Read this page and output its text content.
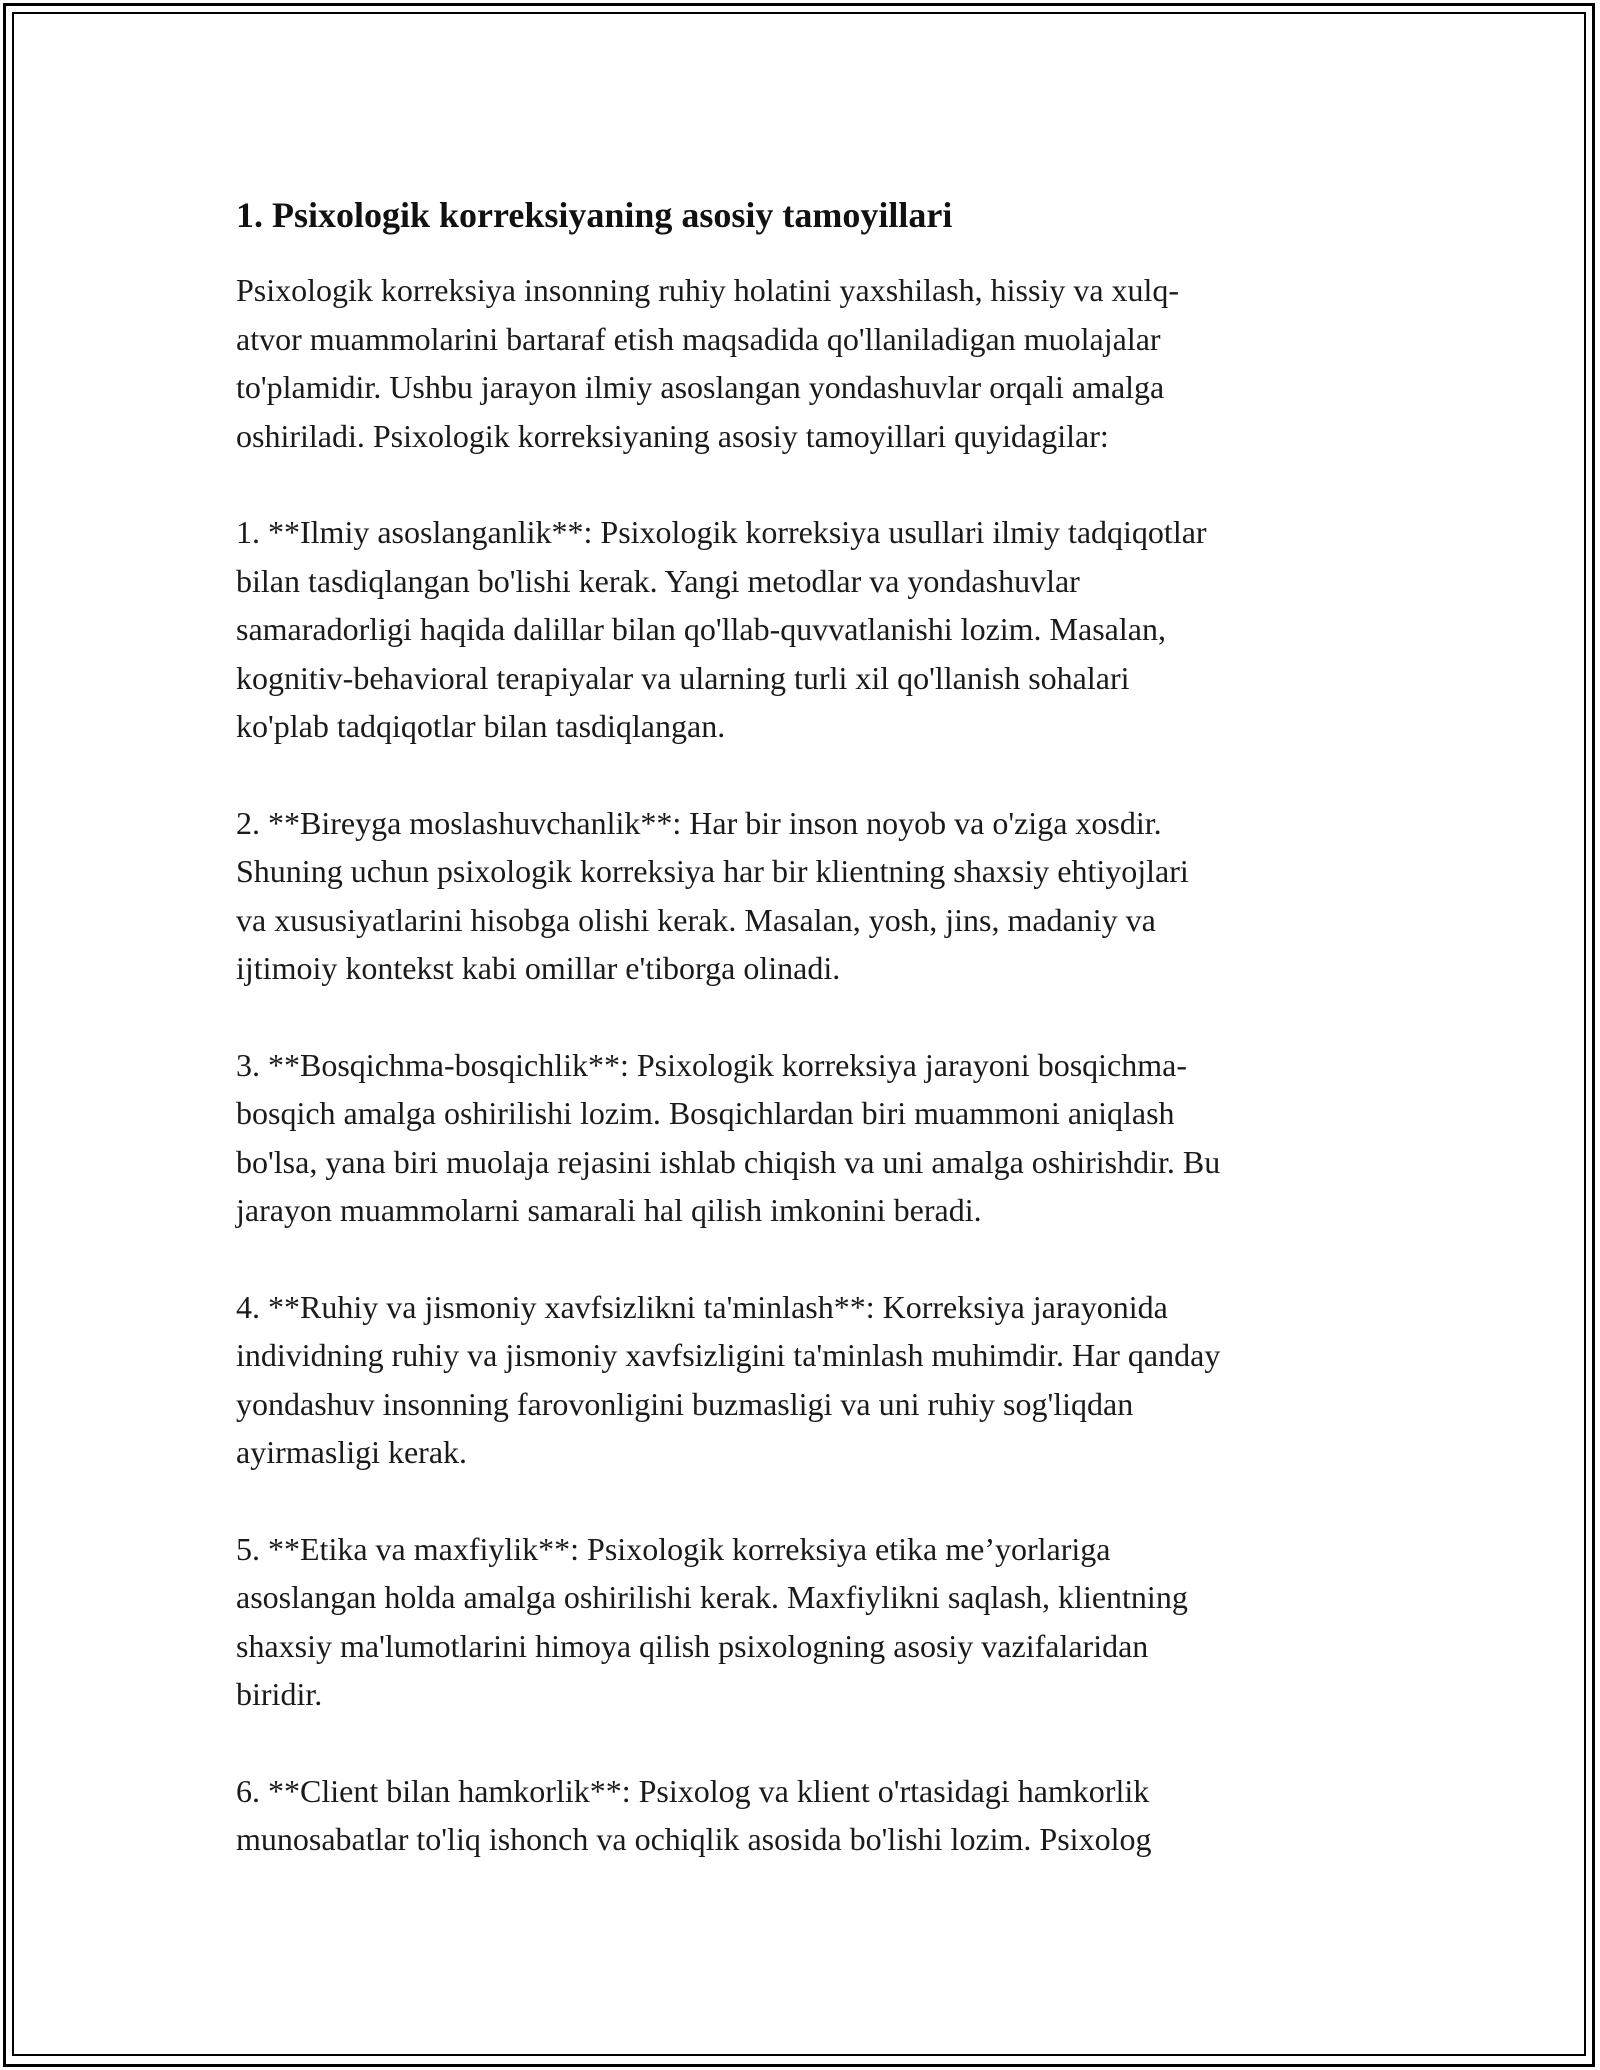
1. Psixologik korreksiyaning asosiy tamoyillari

Psixologik korreksiya insonning ruhiy holatini yaxshilash, hissiy va xulq-
atvor muammolarini bartaraf etish maqsadida qo'llaniladigan muolajalar
to'plamidir. Ushbu jarayon ilmiy asoslangan yondashuvlar orqali amalga
oshiriladi. Psixologik korreksiyaning asosiy tamoyillari quyidagilar:

1. **Ilmiy asoslanganlik**: Psixologik korreksiya usullari ilmiy tadqiqotlar
bilan tasdiqlangan bo'lishi kerak. Yangi metodlar va yondashuvlar
samaradorligi haqida dalillar bilan qo'llab-quvvatlanishi lozim. Masalan,
kognitiv-behavioral terapiyalar va ularning turli xil qo'llanish sohalari
ko'plab tadqiqotlar bilan tasdiqlangan.

2. **Bireyga moslashuvchanlik**: Har bir inson noyob va o'ziga xosdir.
Shuning uchun psixologik korreksiya har bir klientning shaxsiy ehtiyojlari
va xususiyatlarini hisobga olishi kerak. Masalan, yosh, jins, madaniy va
ijtimoiy kontekst kabi omillar e'tiborga olinadi.

3. **Bosqichma-bosqichlik**: Psixologik korreksiya jarayoni bosqichma-
bosqich amalga oshirilishi lozim. Bosqichlardan biri muammoni aniqlash
bo'lsa, yana biri muolaja rejasini ishlab chiqish va uni amalga oshirishdir. Bu
jarayon muammolarni samarali hal qilish imkonini beradi.

4. **Ruhiy va jismoniy xavfsizlikni ta'minlash**: Korreksiya jarayonida
individning ruhiy va jismoniy xavfsizligini ta'minlash muhimdir. Har qanday
yondashuv insonning farovonligini buzmasligi va uni ruhiy sog'liqdan
ayirmasligi kerak.

5. **Etika va maxfiylik**: Psixologik korreksiya etika me’yorlariga
asoslangan holda amalga oshirilishi kerak. Maxfiylikni saqlash, klientning
shaxsiy ma'lumotlarini himoya qilish psixologning asosiy vazifalaridan
biridir.

6. **Client bilan hamkorlik**: Psixolog va klient o'rtasidagi hamkorlik
munosabatlar to'liq ishonch va ochiqlik asosida bo'lishi lozim. Psixolog
